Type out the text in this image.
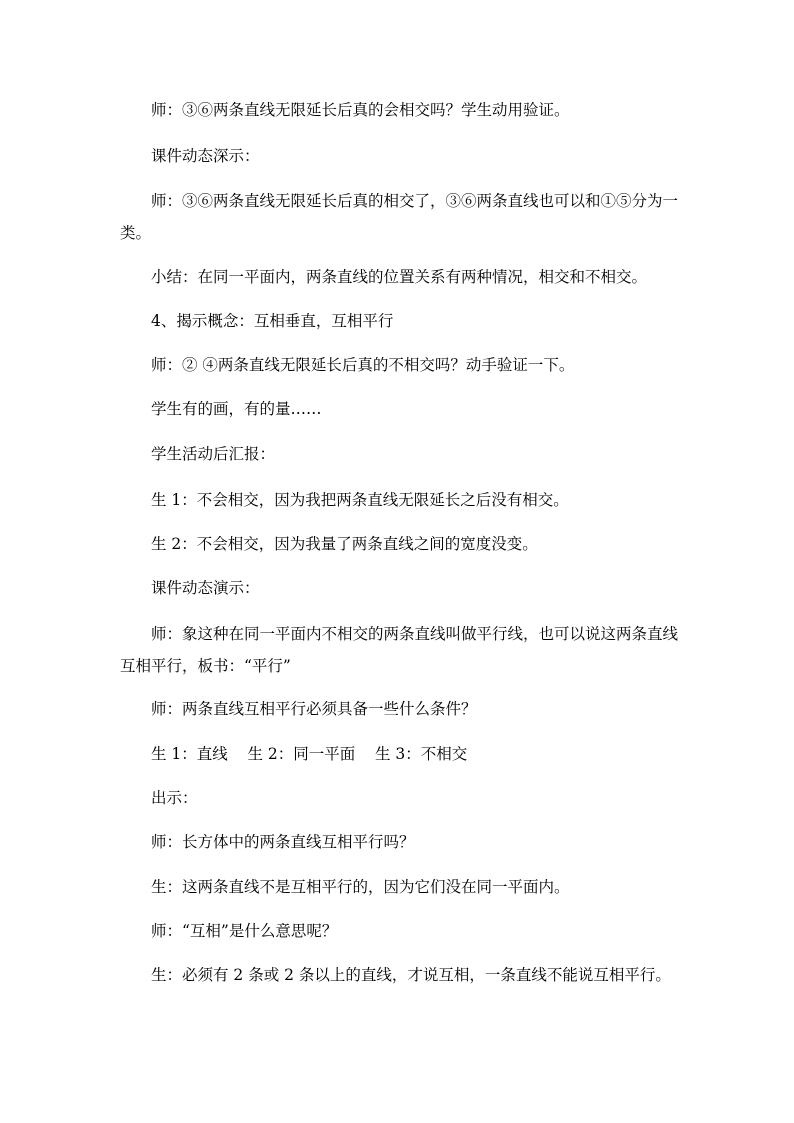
师：③⑥两条直线无限延长后真的会相交吗？学生动用验证。

课件动态深示：

师：③⑥两条直线无限延长后真的相交了，③⑥两条直线也可以和①⑤分为一类。

小结：在同一平面内，两条直线的位置关系有两种情况，相交和不相交。

4、揭示概念：互相垂直，互相平行

师：② ④两条直线无限延长后真的不相交吗？动手验证一下。

学生有的画，有的量……

学生活动后汇报：

生 1：不会相交，因为我把两条直线无限延长之后没有相交。

生 2：不会相交，因为我量了两条直线之间的宽度没变。

课件动态演示：

师：象这种在同一平面内不相交的两条直线叫做平行线，也可以说这两条直线互相平行，板书：“平行”

师：两条直线互相平行必须具备一些什么条件？

生 1：直线    生 2：同一平面    生 3：不相交

出示：

师：长方体中的两条直线互相平行吗？

生：这两条直线不是互相平行的，因为它们没在同一平面内。

师：“互相”是什么意思呢？

生：必须有 2 条或 2 条以上的直线，才说互相，一条直线不能说互相平行。
